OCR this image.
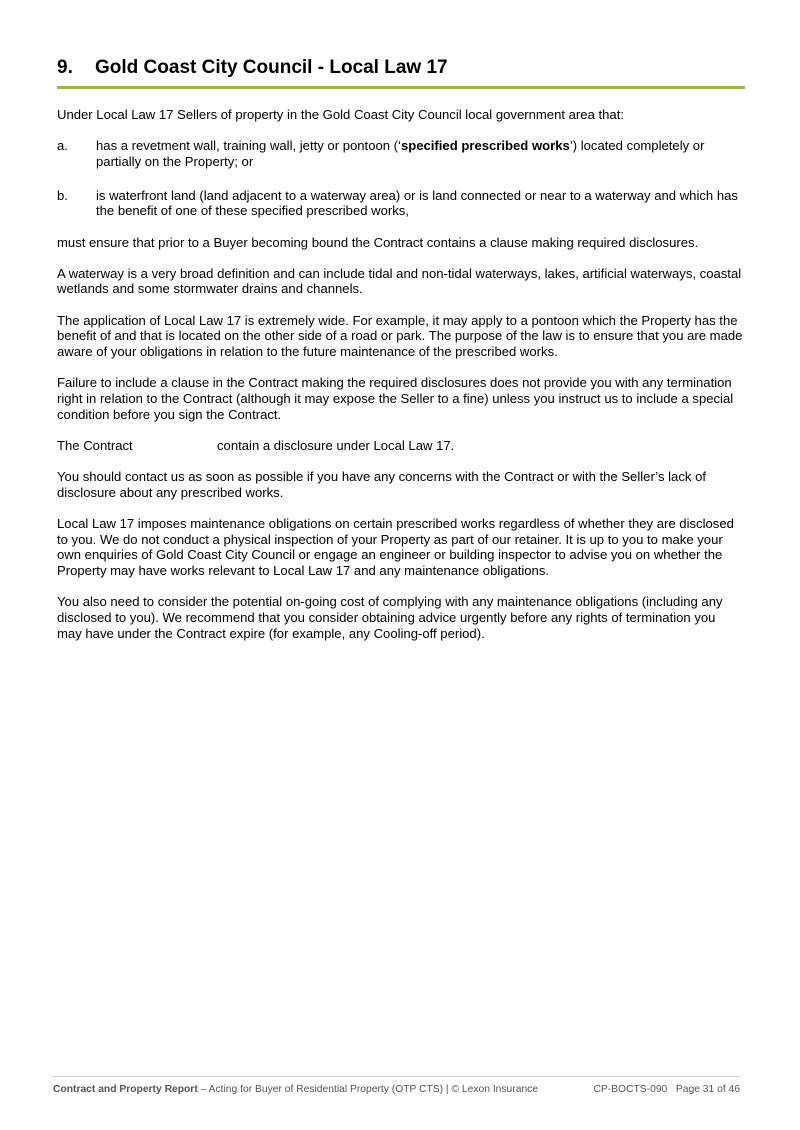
9.	Gold Coast City Council - Local Law 17

Under Local Law 17 Sellers of property in the Gold Coast City Council local government area that:

a.	has a revetment wall, training wall, jetty or pontoon (‘specified prescribed works’) located completely or partially on the Property; or
b.	is waterfront land (land adjacent to a waterway area) or is land connected or near to a waterway and which has the benefit of one of these specified prescribed works,

must ensure that prior to a Buyer becoming bound the Contract contains a clause making required disclosures.

A waterway is a very broad definition and can include tidal and non-tidal waterways, lakes, artificial waterways, coastal wetlands and some stormwater drains and channels.

The application of Local Law 17 is extremely wide. For example, it may apply to a pontoon which the Property has the benefit of and that is located on the other side of a road or park. The purpose of the law is to ensure that you are made aware of your obligations in relation to the future maintenance of the prescribed works.

Failure to include a clause in the Contract making the required disclosures does not provide you with any termination right in relation to the Contract (although it may expose the Seller to a fine) unless you instruct us to include a special condition before you sign the Contract.

The Contract	contain a disclosure under Local Law 17.

You should contact us as soon as possible if you have any concerns with the Contract or with the Seller’s lack of disclosure about any prescribed works.

Local Law 17 imposes maintenance obligations on certain prescribed works regardless of whether they are disclosed to you. We do not conduct a physical inspection of your Property as part of our retainer. It is up to you to make your own enquiries of Gold Coast City Council or engage an engineer or building inspector to advise you on whether the Property may have works relevant to Local Law 17 and any maintenance obligations.

You also need to consider the potential on-going cost of complying with any maintenance obligations (including any disclosed to you). We recommend that you consider obtaining advice urgently before any rights of termination you may have under the Contract expire (for example, any Cooling-off period).

Contract and Property Report – Acting for Buyer of Residential Property (OTP CTS) | © Lexon Insurance	CP-BOCTS-090 Page 31 of 46
